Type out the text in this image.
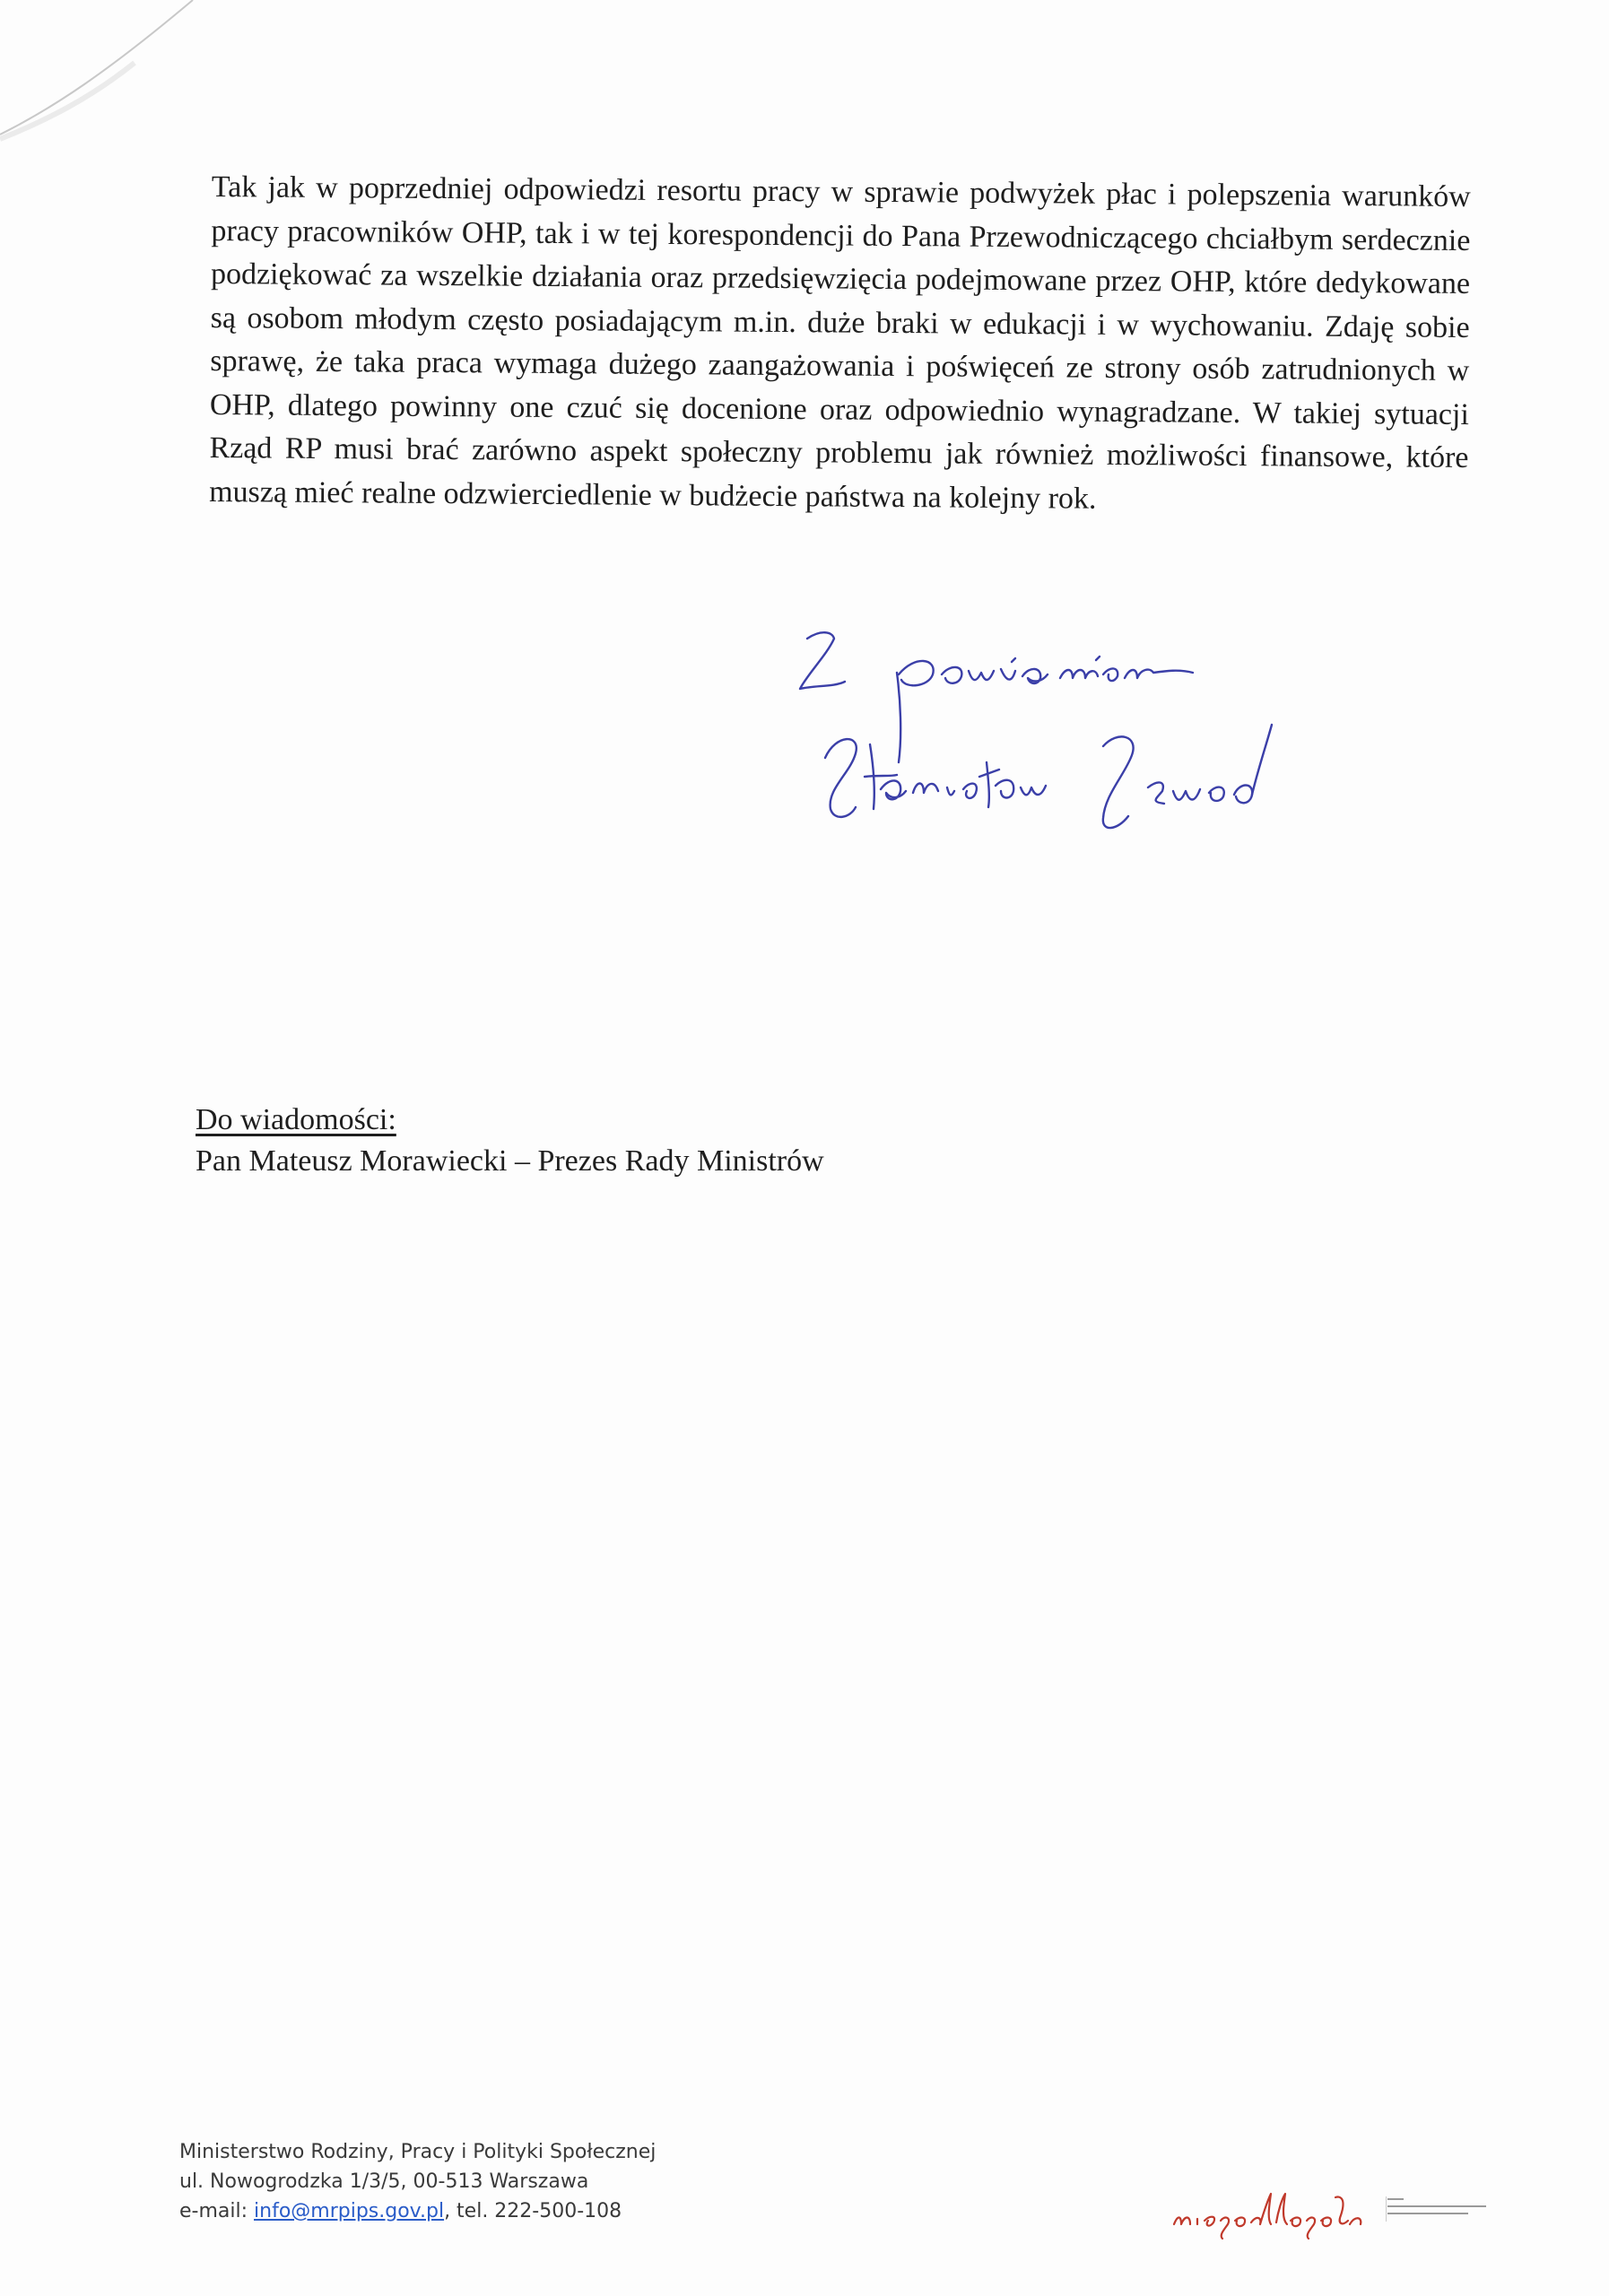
Tak jak w poprzedniej odpowiedzi resortu pracy w sprawie podwyżek płac i polepszenia warunków pracy pracowników OHP, tak i w tej korespondencji do Pana Przewodniczącego chciałbym serdecznie podziękować za wszelkie działania oraz przedsięwzięcia podejmowane przez OHP, które dedykowane są osobom młodym często posiadającym m.in. duże braki w edukacji i w wychowaniu. Zdaję sobie sprawę, że taka praca wymaga dużego zaangażowania i poświęceń ze strony osób zatrudnionych w OHP, dlatego powinny one czuć się docenione oraz odpowiednio wynagradzane. W takiej sytuacji Rząd RP musi brać zarówno aspekt społeczny problemu jak również możliwości finansowe, które muszą mieć realne odzwierciedlenie w budżecie państwa na kolejny rok.

Do wiadomości:
Pan Mateusz Morawiecki – Prezes Rady Ministrów
Ministerstwo Rodziny, Pracy i Polityki Społecznej
ul. Nowogrodzka 1/3/5, 00-513 Warszawa
e-mail: info@mrpips.gov.pl, tel. 222-500-108
niepodległa
